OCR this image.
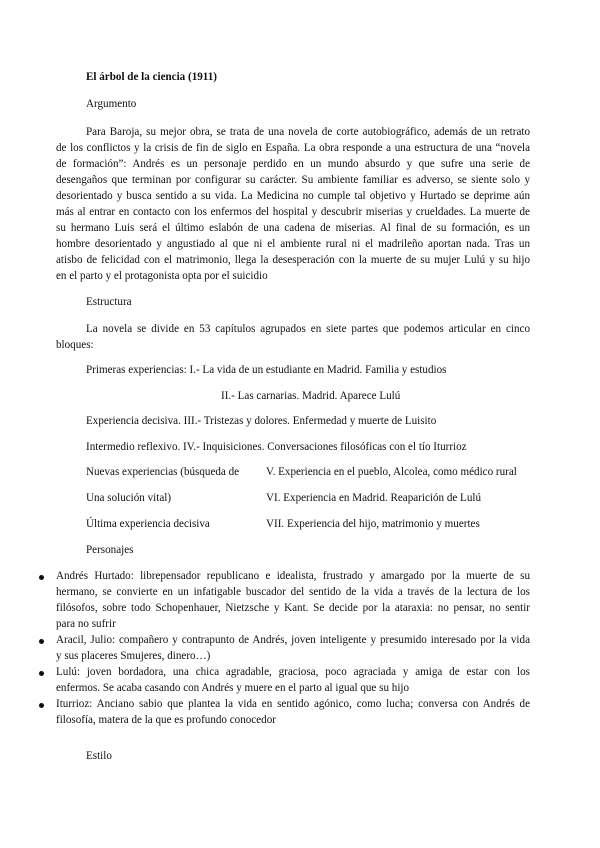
El árbol de la ciencia (1911)
Argumento
Para Baroja, su mejor obra, se trata de una novela de corte autobiográfico, además de un retrato
de los conflictos y la crisis de fin de siglo en España. La obra responde a una estructura de una “novela
de formación”: Andrés es un personaje perdido en un mundo absurdo y que sufre una serie de
desengaños que terminan por configurar su carácter. Su ambiente familiar es adverso, se siente solo y
desorientado y busca sentido a su vida. La Medicina no cumple tal objetivo y Hurtado se deprime aún
más al entrar en contacto con los enfermos del hospital y descubrir miserias y crueldades. La muerte de
su hermano Luis será el último eslabón de una cadena de miserias. Al final de su formación, es un
hombre desorientado y angustiado al que ni el ambiente rural ni el madrileño aportan nada. Tras un
atisbo de felicidad con el matrimonio, llega la desesperación con la muerte de su mujer Lulú y su hijo
en el parto y el protagonista opta por el suicidio
Estructura
La novela se divide en 53 capítulos agrupados en siete partes que podemos articular en cinco
bloques:
Primeras experiencias: I.- La vida de un estudiante en Madrid. Familia y estudios
II.- Las carnarias. Madrid. Aparece Lulú
Experiencia decisiva. III.- Tristezas y dolores. Enfermedad y muerte de Luisito
Intermedio reflexivo. IV.- Inquisiciones. Conversaciones filosóficas con el tío Iturrioz
Nuevas experiencias (búsqueda de V. Experiencia en el pueblo, Alcolea, como médico rural
Una solución vital)	VI. Experiencia en Madrid. Reaparición de Lulú
Última experiencia decisiva	VII. Experiencia del hijo, matrimonio y muertes
Personajes
Andrés Hurtado: librepensador republicano e idealista, frustrado y amargado por la muerte de su
hermano, se convierte en un infatigable buscador del sentido de la vida a través de la lectura de los
filósofos, sobre todo Schopenhauer, Nietzsche y Kant. Se decide por la ataraxia: no pensar, no sentir
para no sufrir
Aracil, Julio: compañero y contrapunto de Andrés, joven inteligente y presumido interesado por la vida
y sus placeres Smujeres, dinero…)
Lulú: joven bordadora, una chica agradable, graciosa, poco agraciada y amiga de estar con los
enfermos. Se acaba casando con Andrés y muere en el parto al igual que su hijo
Iturrioz: Anciano sabio que plantea la vida en sentido agónico, como lucha; conversa con Andrés de
filosofía, matera de la que es profundo conocedor
Estilo
